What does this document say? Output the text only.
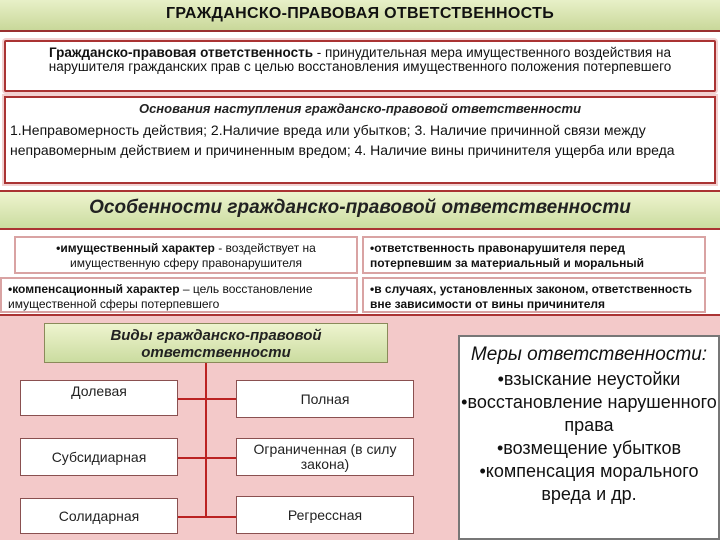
ГРАЖДАНСКО-ПРАВОВАЯ ОТВЕТСТВЕННОСТЬ
Гражданско-правовая ответственность - принудительная мера имущественного воздействия на нарушителя гражданских прав с целью восстановления имущественного положения потерпевшего
Основания наступления гражданско-правовой ответственности
1.Неправомерность действия; 2.Наличие вреда или убытков; 3. Наличие причинной связи между неправомерным действием и причиненным вредом; 4. Наличие вины причинителя ущерба или вреда
Особенности гражданско-правовой ответственности
•имущественный характер - воздействует на имущественную сферу правонарушителя
•ответственность правонарушителя перед потерпевшим за материальный и моральный
•компенсационный характер – цель восстановление имущественной сферы потерпевшего
•в случаях, установленных законом, ответственность вне зависимости от вины причинителя
Виды гражданско-правовой ответственности
Долевая
Субсидиарная
Солидарная
Полная
Ограниченная (в силу закона)
Регрессная
Меры ответственности:
•взыскание неустойки
•восстановление нарушенного права
•возмещение убытков
•компенсация морального вреда и др.
